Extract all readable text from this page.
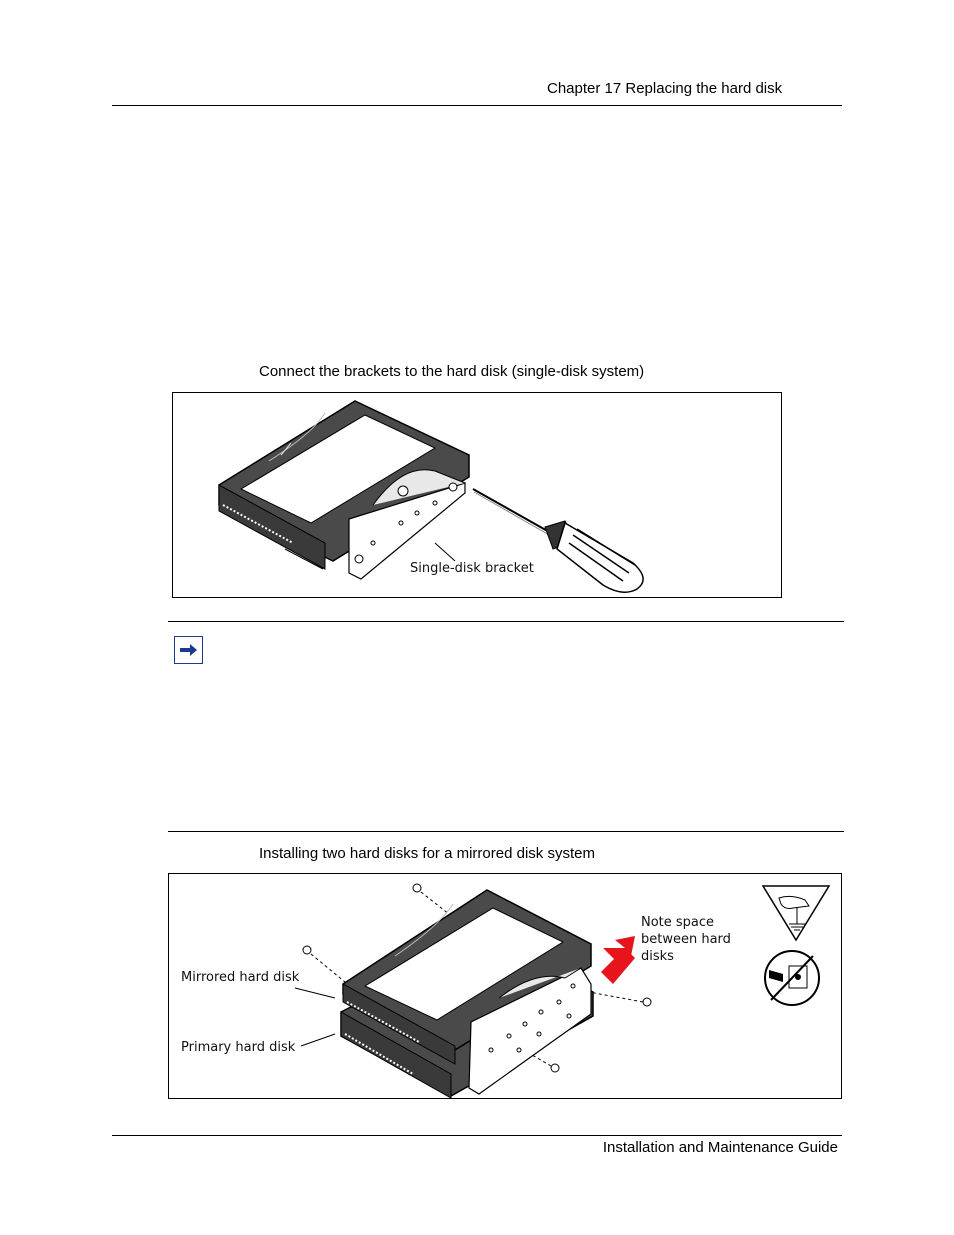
Chapter 17 Replacing the hard disk
Connect the brackets to the hard disk (single-disk system)
Single-disk bracket
Installing two hard disks for a mirrored disk system
Note space
between hard
disks
Mirrored hard disk
Primary hard disk
Installation and Maintenance Guide
